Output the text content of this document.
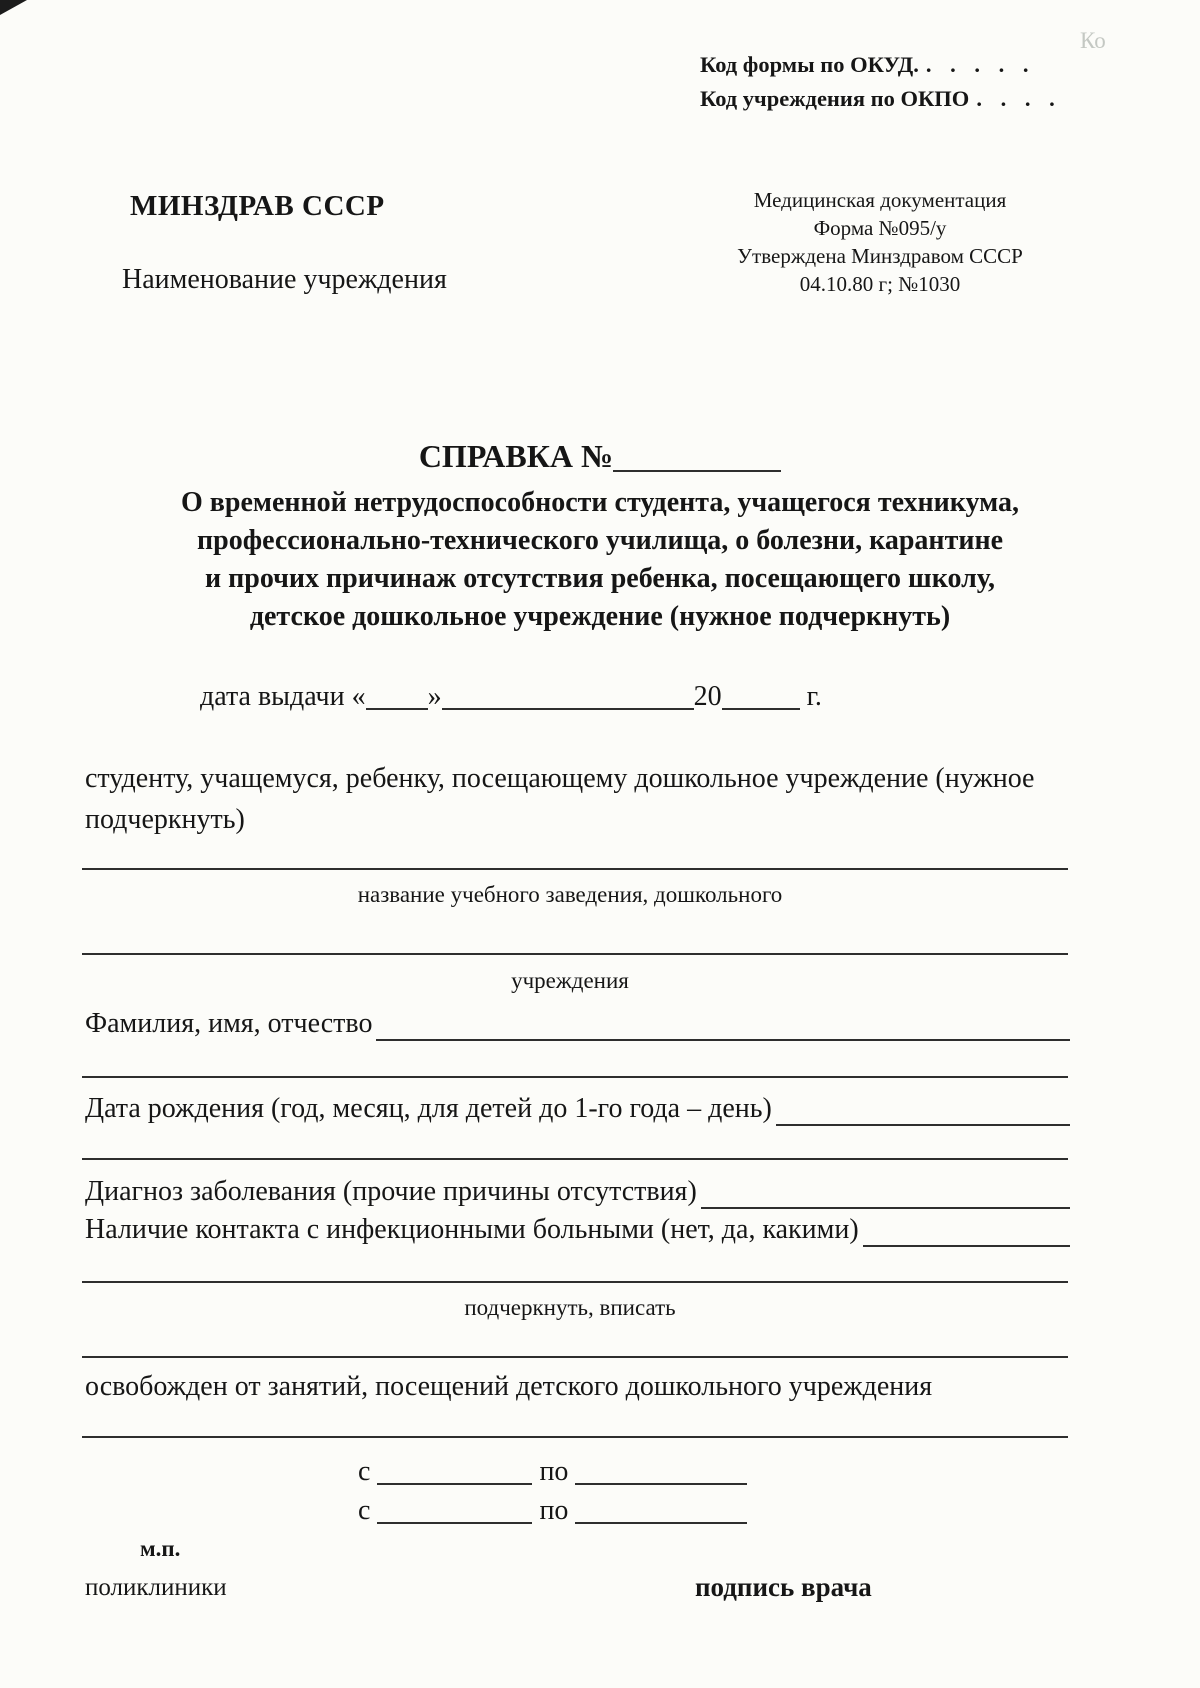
Ко
Код формы по ОКУД. . . . . .
Код учреждения по ОКПО . . . .
МИНЗДРАВ СССР
Наименование учреждения
Медицинская документация
Форма №095/у
Утверждена Минздравом СССР
04.10.80 г; №1030
СПРАВКА №
О временной нетрудоспособности студента, учащегося техникума,
профессионально-технического училища, о болезни, карантине
и прочих причинаж отсутствия ребенка, посещающего школу,
детское дошкольное учреждение (нужное подчеркнуть)
дата выдачи « »	20	г.
студенту, учащемуся, ребенку, посещающему дошкольное учреждение (нужное подчеркнуть)
название учебного заведения, дошкольного
учреждения
Фамилия, имя, отчество
Дата рождения (год, месяц, для детей до 1-го года – день)
Диагноз заболевания (прочие причины отсутствия)
Наличие контакта с инфекционными больными (нет, да, какими)
подчеркнуть, вписать
освобожден от занятий, посещений детского дошкольного учреждения
с	по
с	по
м.п.
поликлиники	подпись врача
